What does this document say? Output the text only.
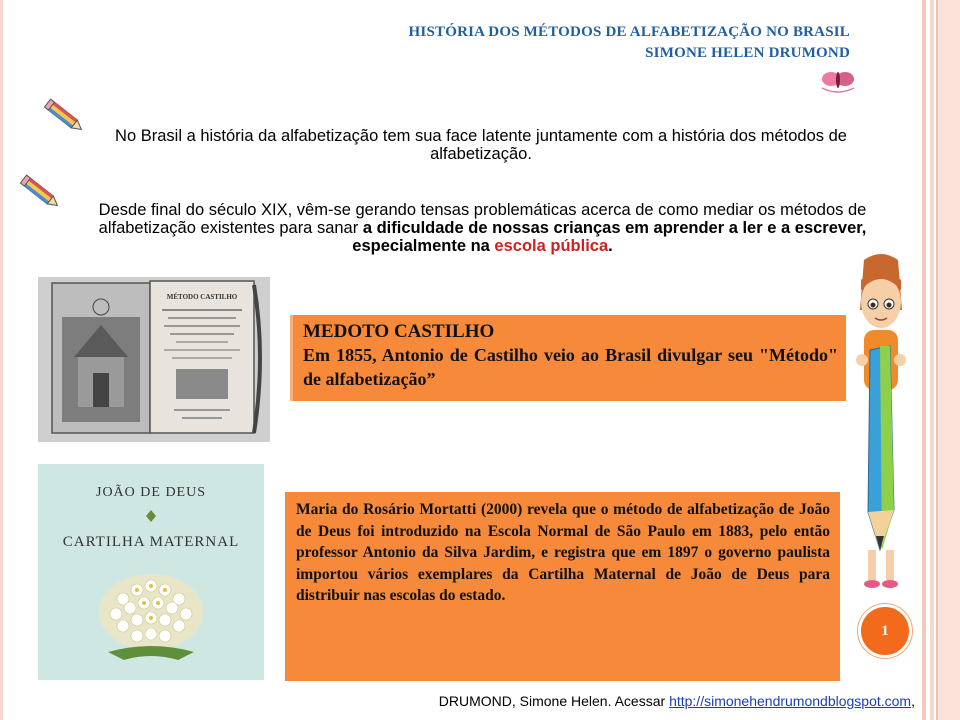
HISTÓRIA DOS MÉTODOS DE ALFABETIZAÇÃO NO BRASIL
SIMONE HELEN DRUMOND
No Brasil a história da alfabetização tem sua face latente juntamente com a história dos métodos de alfabetização.
Desde final do século XIX, vêm-se gerando tensas problemáticas acerca de como mediar os métodos de alfabetização existentes para sanar a dificuldade de nossas crianças em aprender a ler e a escrever, especialmente na escola pública.
MÉTODO CASTILHO
MEDOTO CASTILHO
Em 1855, Antonio de Castilho veio ao Brasil divulgar seu "Método" de alfabetização”
JOÃO DE DEUS
CARTILHA MATERNAL
Maria do Rosário Mortatti (2000) revela que o método de alfabetização de João de Deus foi introduzido na Escola Normal de São Paulo em 1883, pelo então professor Antonio da Silva Jardim, e registra que em 1897 o governo paulista importou vários exemplares da Cartilha Maternal de João de Deus para distribuir nas escolas do estado.
1
DRUMOND, Simone Helen. Acessar http://simonehendrumondblogspot.com,
